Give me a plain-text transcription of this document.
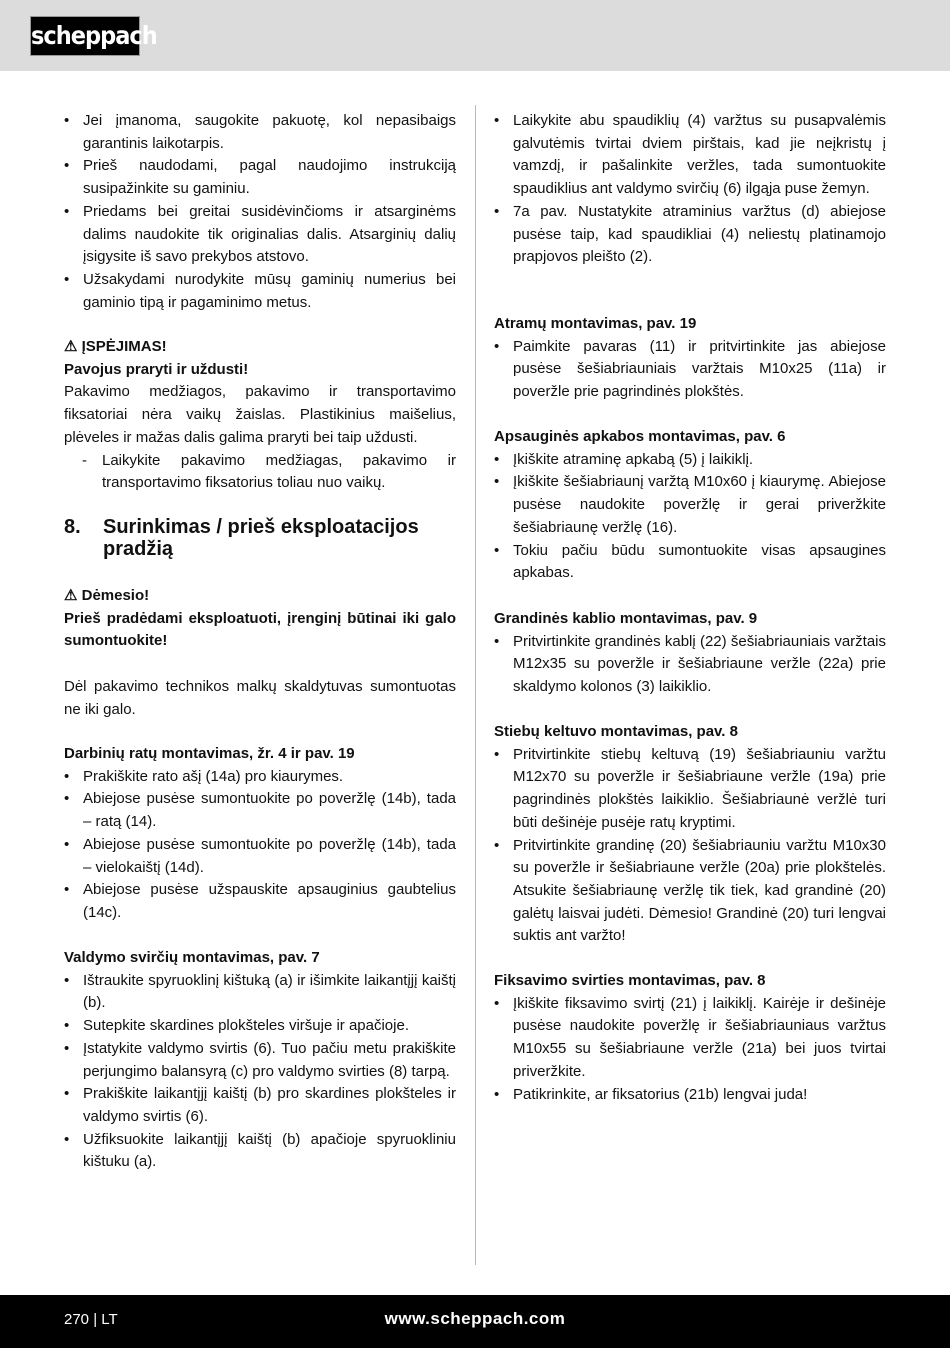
scheppach
• Jei įmanoma, saugokite pakuotę, kol nepasibaigs garantinis laikotarpis.
• Prieš naudodami, pagal naudojimo instrukciją susipažinkite su gaminiu.
• Priedams bei greitai susidėvinčioms ir atsarginėms dalims naudokite tik originalias dalis. Atsarginių dalių įsigysite iš savo prekybos atstovo.
• Užsakydami nurodykite mūsų gaminių numerius bei gaminio tipą ir pagaminimo metus.

⚠ ĮSPĖJIMAS!

Pavojus praryti ir uždusti!

Pakavimo medžiagos, pakavimo ir transportavimo fiksatoriai nėra vaikų žaislas. Plastikinius maišelius, plėveles ir mažas dalis galima praryti bei taip uždusti.

- Laikykite pakavimo medžiagas, pakavimo ir transportavimo fiksatorius toliau nuo vaikų.
8.	Surinkimas / prieš eksploatacijos pradžią

⚠ Dėmesio!

Prieš pradėdami eksploatuoti, įrenginį būtinai iki galo sumontuokite!

Dėl pakavimo technikos malkų skaldytuvas sumontuotas ne iki galo.

Darbinių ratų montavimas, žr. 4 ir pav. 19

• Prakiškite rato ašį (14a) pro kiaurymes.
• Abiejose pusėse sumontuokite po poveržlę (14b), tada – ratą (14).
• Abiejose pusėse sumontuokite po poveržlę (14b), tada – vielokaištį (14d).
• Abiejose pusėse užspauskite apsauginius gaubtelius (14c).

Valdymo svirčių montavimas, pav. 7

• Ištraukite spyruoklinį kištuką (a) ir išimkite laikantįjį kaištį (b).
• Sutepkite skardines plokšteles viršuje ir apačioje.
• Įstatykite valdymo svirtis (6). Tuo pačiu metu prakiškite perjungimo balansyrą (c) pro valdymo svirties (8) tarpą.
• Prakiškite laikantįjį kaištį (b) pro skardines plokšteles ir valdymo svirtis (6).
• Užfiksuokite laikantįjį kaištį (b) apačioje spyruokliniu kištuku (a).
• Laikykite abu spaudiklių (4) varžtus su pusapvalėmis galvutėmis tvirtai dviem pirštais, kad jie neįkristų į vamzdį, ir pašalinkite veržles, tada sumontuokite spaudiklius ant valdymo svirčių (6) ilgąja puse žemyn.
• 7a pav. Nustatykite atraminius varžtus (d) abiejose pusėse taip, kad spaudikliai (4) neliestų platinamojo prapjovos pleišto (2).

Atramų montavimas, pav. 19

• Paimkite pavaras (11) ir pritvirtinkite jas abiejose pusėse šešiabriauniais varžtais M10x25 (11a) ir poveržle prie pagrindinės plokštės.

Apsauginės apkabos montavimas, pav. 6

• Įkiškite atraminę apkabą (5) į laikiklį.
• Įkiškite šešiabriaunį varžtą M10x60 į kiaurymę. Abiejose pusėse naudokite poveržlę ir gerai priveržkite šešiabriaunę veržlę (16).
• Tokiu pačiu būdu sumontuokite visas apsaugines apkabas.

Grandinės kablio montavimas, pav. 9

• Pritvirtinkite grandinės kablį (22) šešiabriauniais varžtais M12x35 su poveržle ir šešiabriaune veržle (22a) prie skaldymo kolonos (3) laikiklio.

Stiebų keltuvo montavimas, pav. 8

• Pritvirtinkite stiebų keltuvą (19) šešiabriauniu varžtu M12x70 su poveržle ir šešiabriaune veržle (19a) prie pagrindinės plokštės laikiklio. Šešiabriaunė veržlė turi būti dešinėje pusėje ratų kryptimi.
• Pritvirtinkite grandinę (20) šešiabriauniu varžtu M10x30 su poveržle ir šešiabriaune veržle (20a) prie plokštelės. Atsukite šešiabriaunę veržlę tik tiek, kad grandinė (20) galėtų laisvai judėti. Dėmesio! Grandinė (20) turi lengvai suktis ant varžto!

Fiksavimo svirties montavimas, pav. 8

• Įkiškite fiksavimo svirtį (21) į laikiklį. Kairėje ir dešinėje pusėse naudokite poveržlę ir šešiabriauniaus varžtus M10x55 su šešiabriaune veržle (21a) bei juos tvirtai priveržkite.
• Patikrinkite, ar fiksatorius (21b) lengvai juda!
270 | LT	www.scheppach.com
